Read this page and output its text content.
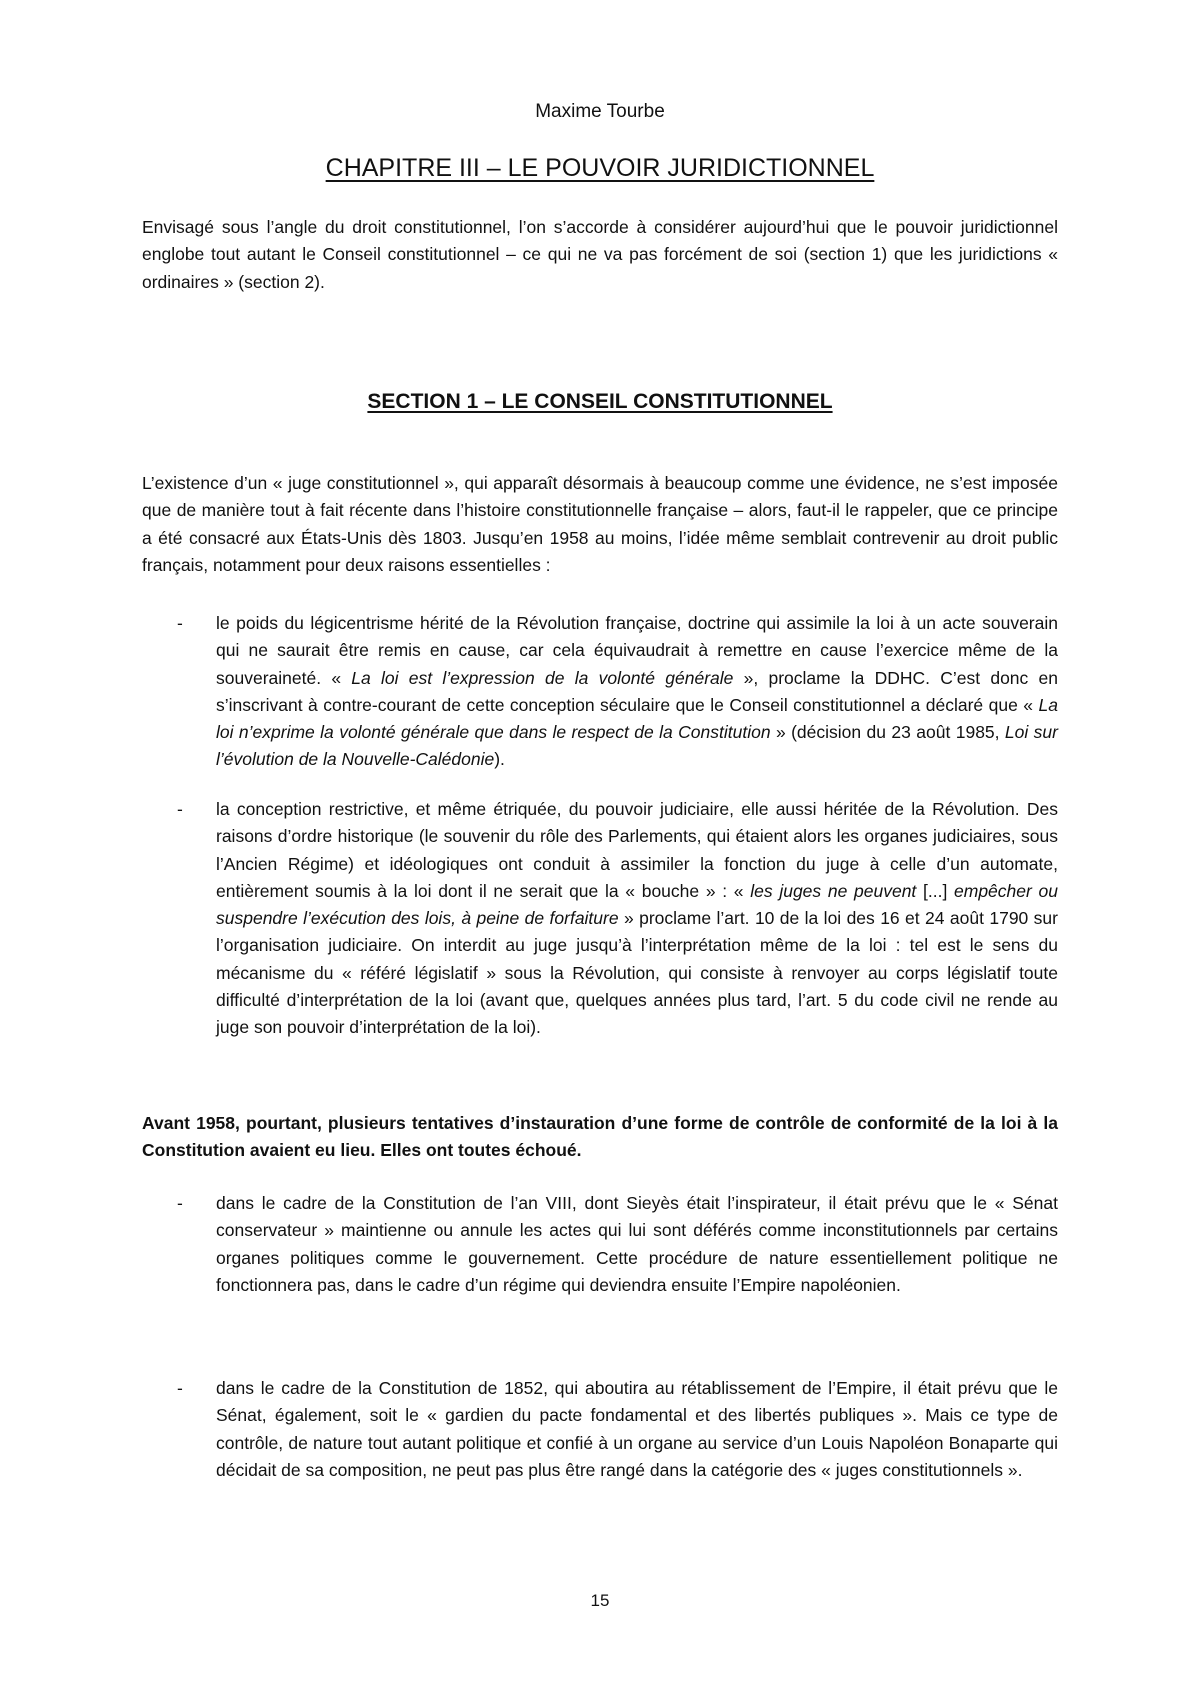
Maxime Tourbe
CHAPITRE III – LE POUVOIR JURIDICTIONNEL

Envisagé sous l’angle du droit constitutionnel, l’on s’accorde à considérer aujourd’hui que le pouvoir juridictionnel englobe tout autant le Conseil constitutionnel – ce qui ne va pas forcément de soi (section 1) que les juridictions « ordinaires » (section 2).

SECTION 1 – LE CONSEIL CONSTITUTIONNEL

L’existence d’un « juge constitutionnel », qui apparaît désormais à beaucoup comme une évidence, ne s’est imposée que de manière tout à fait récente dans l’histoire constitutionnelle française – alors, faut-il le rappeler, que ce principe a été consacré aux États-Unis dès 1803. Jusqu’en 1958 au moins, l’idée même semblait contrevenir au droit public français, notamment pour deux raisons essentielles :

- le poids du légicentrisme hérité de la Révolution française, doctrine qui assimile la loi à un acte souverain qui ne saurait être remis en cause, car cela équivaudrait à remettre en cause l’exercice même de la souveraineté. « La loi est l’expression de la volonté générale », proclame la DDHC. C’est donc en s’inscrivant à contre-courant de cette conception séculaire que le Conseil constitutionnel a déclaré que « La loi n’exprime la volonté générale que dans le respect de la Constitution » (décision du 23 août 1985, Loi sur l’évolution de la Nouvelle-Calédonie).

- la conception restrictive, et même étriquée, du pouvoir judiciaire, elle aussi héritée de la Révolution. Des raisons d’ordre historique (le souvenir du rôle des Parlements, qui étaient alors les organes judiciaires, sous l’Ancien Régime) et idéologiques ont conduit à assimiler la fonction du juge à celle d’un automate, entièrement soumis à la loi dont il ne serait que la « bouche » : « les juges ne peuvent [...] empêcher ou suspendre l’exécution des lois, à peine de forfaiture » proclame l’art. 10 de la loi des 16 et 24 août 1790 sur l’organisation judiciaire. On interdit au juge jusqu’à l’interprétation même de la loi : tel est le sens du mécanisme du « référé législatif » sous la Révolution, qui consiste à renvoyer au corps législatif toute difficulté d’interprétation de la loi (avant que, quelques années plus tard, l’art. 5 du code civil ne rende au juge son pouvoir d’interprétation de la loi).

Avant 1958, pourtant, plusieurs tentatives d’instauration d’une forme de contrôle de conformité de la loi à la Constitution avaient eu lieu. Elles ont toutes échoué.

- dans le cadre de la Constitution de l’an VIII, dont Sieyès était l’inspirateur, il était prévu que le « Sénat conservateur » maintienne ou annule les actes qui lui sont déférés comme inconstitutionnels par certains organes politiques comme le gouvernement. Cette procédure de nature essentiellement politique ne fonctionnera pas, dans le cadre d’un régime qui deviendra ensuite l’Empire napoléonien.

- dans le cadre de la Constitution de 1852, qui aboutira au rétablissement de l’Empire, il était prévu que le Sénat, également, soit le « gardien du pacte fondamental et des libertés publiques ». Mais ce type de contrôle, de nature tout autant politique et confié à un organe au service d’un Louis Napoléon Bonaparte qui décidait de sa composition, ne peut pas plus être rangé dans la catégorie des « juges constitutionnels ».

15
